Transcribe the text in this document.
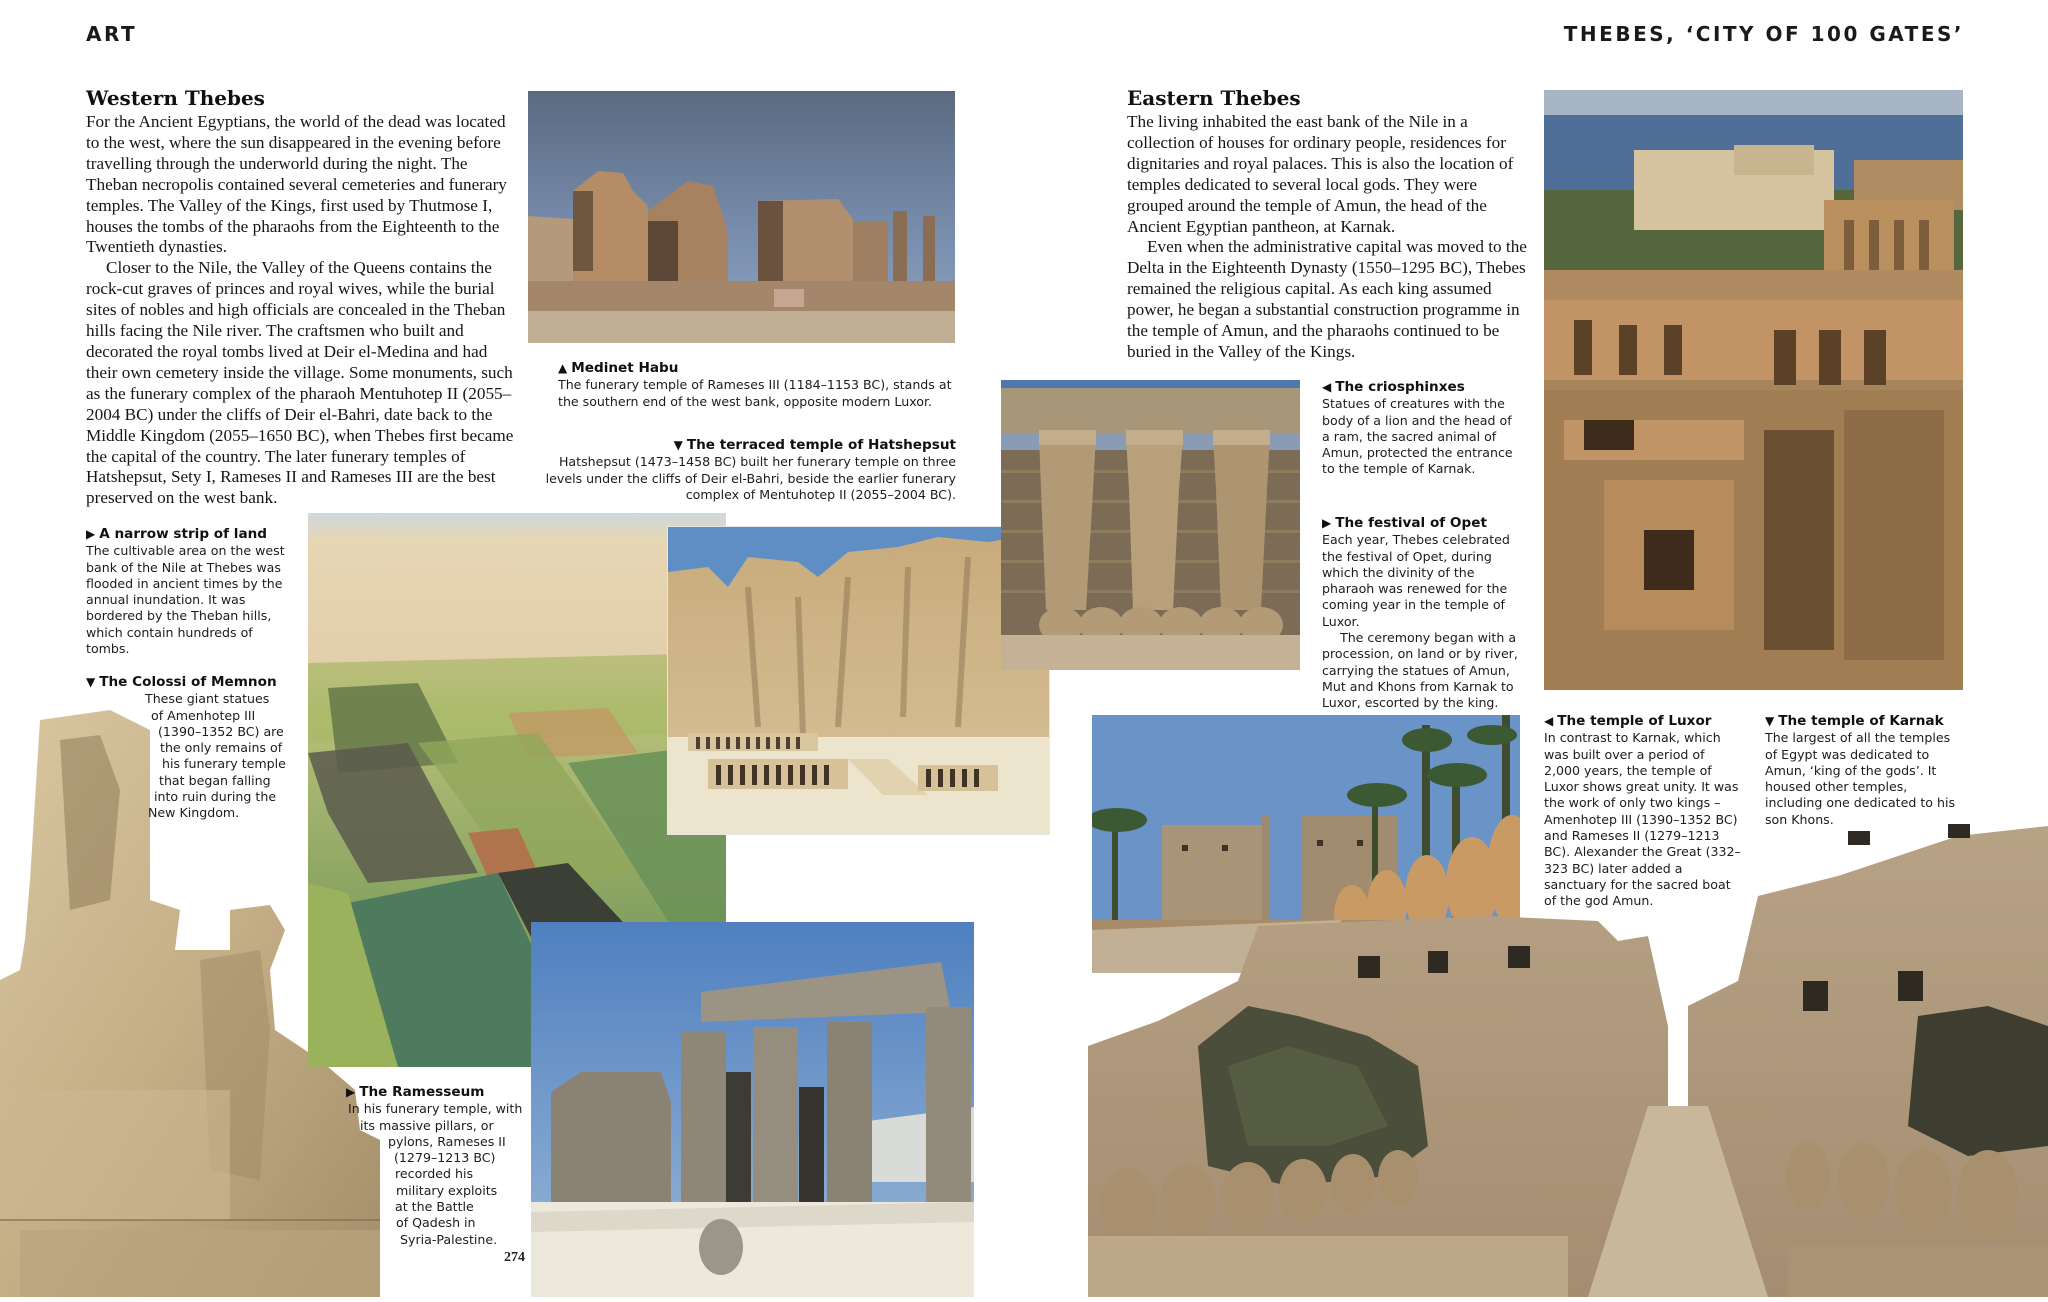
ART	THEBES, ‘CITY OF 100 GATES’
Western Thebes

For the Ancient Egyptians, the world of the dead was located to the west, where the sun disappeared in the evening before travelling through the underworld during the night. The Theban necropolis contained several cemeteries and funerary temples. The Valley of the Kings, first used by Thutmose I, houses the tombs of the pharaohs from the Eighteenth to the Twentieth dynasties.

Closer to the Nile, the Valley of the Queens contains the rock-cut graves of princes and royal wives, while the burial sites of nobles and high officials are concealed in the Theban hills facing the Nile river. The craftsmen who built and decorated the royal tombs lived at Deir el-Medina and had their own cemetery inside the village. Some monuments, such as the funerary complex of the pharaoh Mentuhotep II (2055–2004 BC) under the cliffs of Deir el-Bahri, date back to the Middle Kingdom (2055–1650 BC), when Thebes first became the capital of the country. The later funerary temples of Hatshepsut, Sety I, Rameses II and Rameses III are the best preserved on the west bank.

Eastern Thebes

The living inhabited the east bank of the Nile in a collection of houses for ordinary people, residences for dignitaries and royal palaces. This is also the location of temples dedicated to several local gods. They were grouped around the temple of Amun, the head of the Ancient Egyptian pantheon, at Karnak.

Even when the administrative capital was moved to the Delta in the Eighteenth Dynasty (1550–1295 BC), Thebes remained the religious capital. As each king assumed power, he began a substantial construction programme in the temple of Amun, and the pharaohs continued to be buried in the Valley of the Kings.

▲ Medinet Habu

The funerary temple of Rameses III (1184–1153 BC), stands at the southern end of the west bank, opposite modern Luxor.

▼ The terraced temple of Hatshepsut

Hatshepsut (1473–1458 BC) built her funerary temple on three levels under the cliffs of Deir el-Bahri, beside the earlier funerary complex of Mentuhotep II (2055–2004 BC).

▶ A narrow strip of land

The cultivable area on the west bank of the Nile at Thebes was flooded in ancient times by the annual inundation. It was bordered by the Theban hills, which contain hundreds of tombs.

▼ The Colossi of Memnon
These giant statues
of Amenhotep III
(1390–1352 BC) are
the only remains of
his funerary temple
that began falling
into ruin during the
New Kingdom.
▶ The Ramesseum
In his funerary temple, with
its massive pillars, or
pylons, Rameses II
(1279–1213 BC)
recorded his
military exploits
at the Battle
of Qadesh in
Syria-Palestine.
274
◀ The criosphinxes

Statues of creatures with the body of a lion and the head of a ram, the sacred animal of Amun, protected the entrance to the temple of Karnak.

▶ The festival of Opet

Each year, Thebes celebrated the festival of Opet, during which the divinity of the pharaoh was renewed for the coming year in the temple of Luxor.

The ceremony began with a procession, on land or by river, carrying the statues of Amun, Mut and Khons from Karnak to Luxor, escorted by the king.

◀ The temple of Luxor

In contrast to Karnak, which was built over a period of 2,000 years, the temple of Luxor shows great unity. It was the work of only two kings – Amenhotep III (1390–1352 BC) and Rameses II (1279–1213 BC). Alexander the Great (332–323 BC) later added a sanctuary for the sacred boat of the god Amun.

▼ The temple of Karnak

The largest of all the temples of Egypt was dedicated to Amun, ‘king of the gods’. It housed other temples, including one dedicated to his son Khons.
